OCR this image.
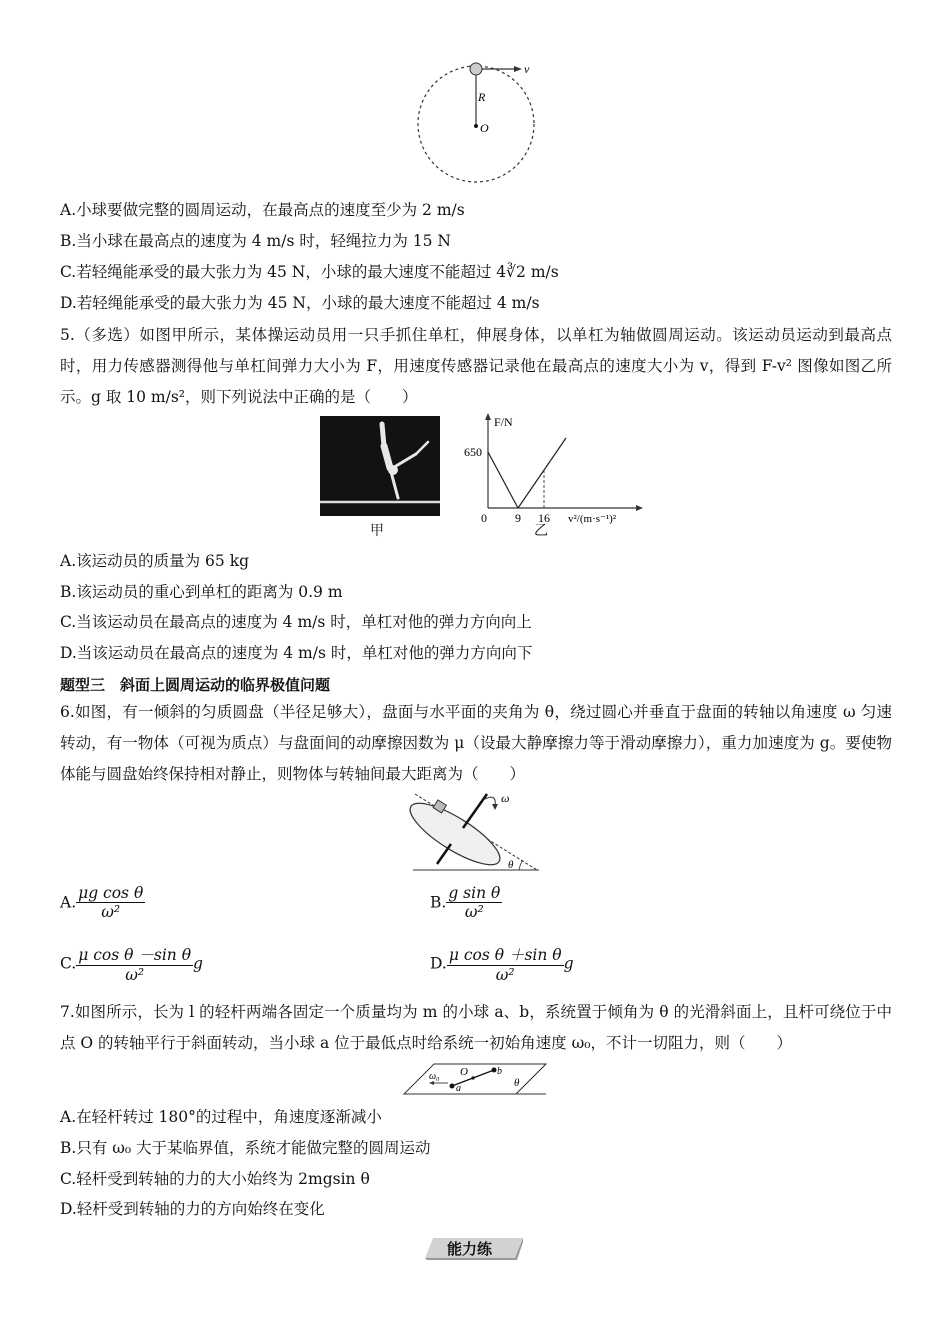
v
R
O
A.小球要做完整的圆周运动，在最高点的速度至少为 2 m/s
B.当小球在最高点的速度为 4 m/s 时，轻绳拉力为 15 N
C.若轻绳能承受的最大张力为 45 N，小球的最大速度不能超过 4∛2 m/s
D.若轻绳能承受的最大张力为 45 N，小球的最大速度不能超过 4 m/s
5.（多选）如图甲所示，某体操运动员用一只手抓住单杠，伸展身体，以单杠为轴做圆周运动。该运动员运动到最高点时，用力传感器测得他与单杠间弹力大小为 F，用速度传感器记录他在最高点的速度大小为 v，得到 F-v² 图像如图乙所示。g 取 10 m/s²，则下列说法中正确的是（　　）
甲
F/N
650
0 9 16 v²/(m·s⁻¹)²
乙
A.该运动员的质量为 65 kg
B.该运动员的重心到单杠的距离为 0.9 m
C.当该运动员在最高点的速度为 4 m/s 时，单杠对他的弹力方向向上
D.当该运动员在最高点的速度为 4 m/s 时，单杠对他的弹力方向向下
题型三　斜面上圆周运动的临界极值问题
6.如图，有一倾斜的匀质圆盘（半径足够大），盘面与水平面的夹角为 θ，绕过圆心并垂直于盘面的转轴以角速度 ω 匀速转动，有一物体（可视为质点）与盘面间的动摩擦因数为 μ（设最大静摩擦力等于滑动摩擦力），重力加速度为 g。要使物体能与圆盘始终保持相对静止，则物体与转轴间最大距离为（　　）
ω
θ
A. $\frac{\text{μg cos θ}}{\text{ω²}}$	B. $\frac{\text{g sin θ}}{\text{ω²}}$
C. $\frac{\text{μ cos θ －sin θ}}{\text{ω²}}$ g	D. $\frac{\text{μ cos θ ＋sin θ}}{\text{ω²}}$ g
7.如图所示，长为 l 的轻杆两端各固定一个质量均为 m 的小球 a、b，系统置于倾角为 θ 的光滑斜面上，且杆可绕位于中点 O 的转轴平行于斜面转动，当小球 a 位于最低点时给系统一初始角速度 ω₀，不计一切阻力，则（　　）
ω₀ O
a
b
θ
A.在轻杆转过 180°的过程中，角速度逐渐减小
B.只有 ω₀ 大于某临界值，系统才能做完整的圆周运动
C.轻杆受到转轴的力的大小始终为 2mgsin θ
D.轻杆受到转轴的力的方向始终在变化
能力练
